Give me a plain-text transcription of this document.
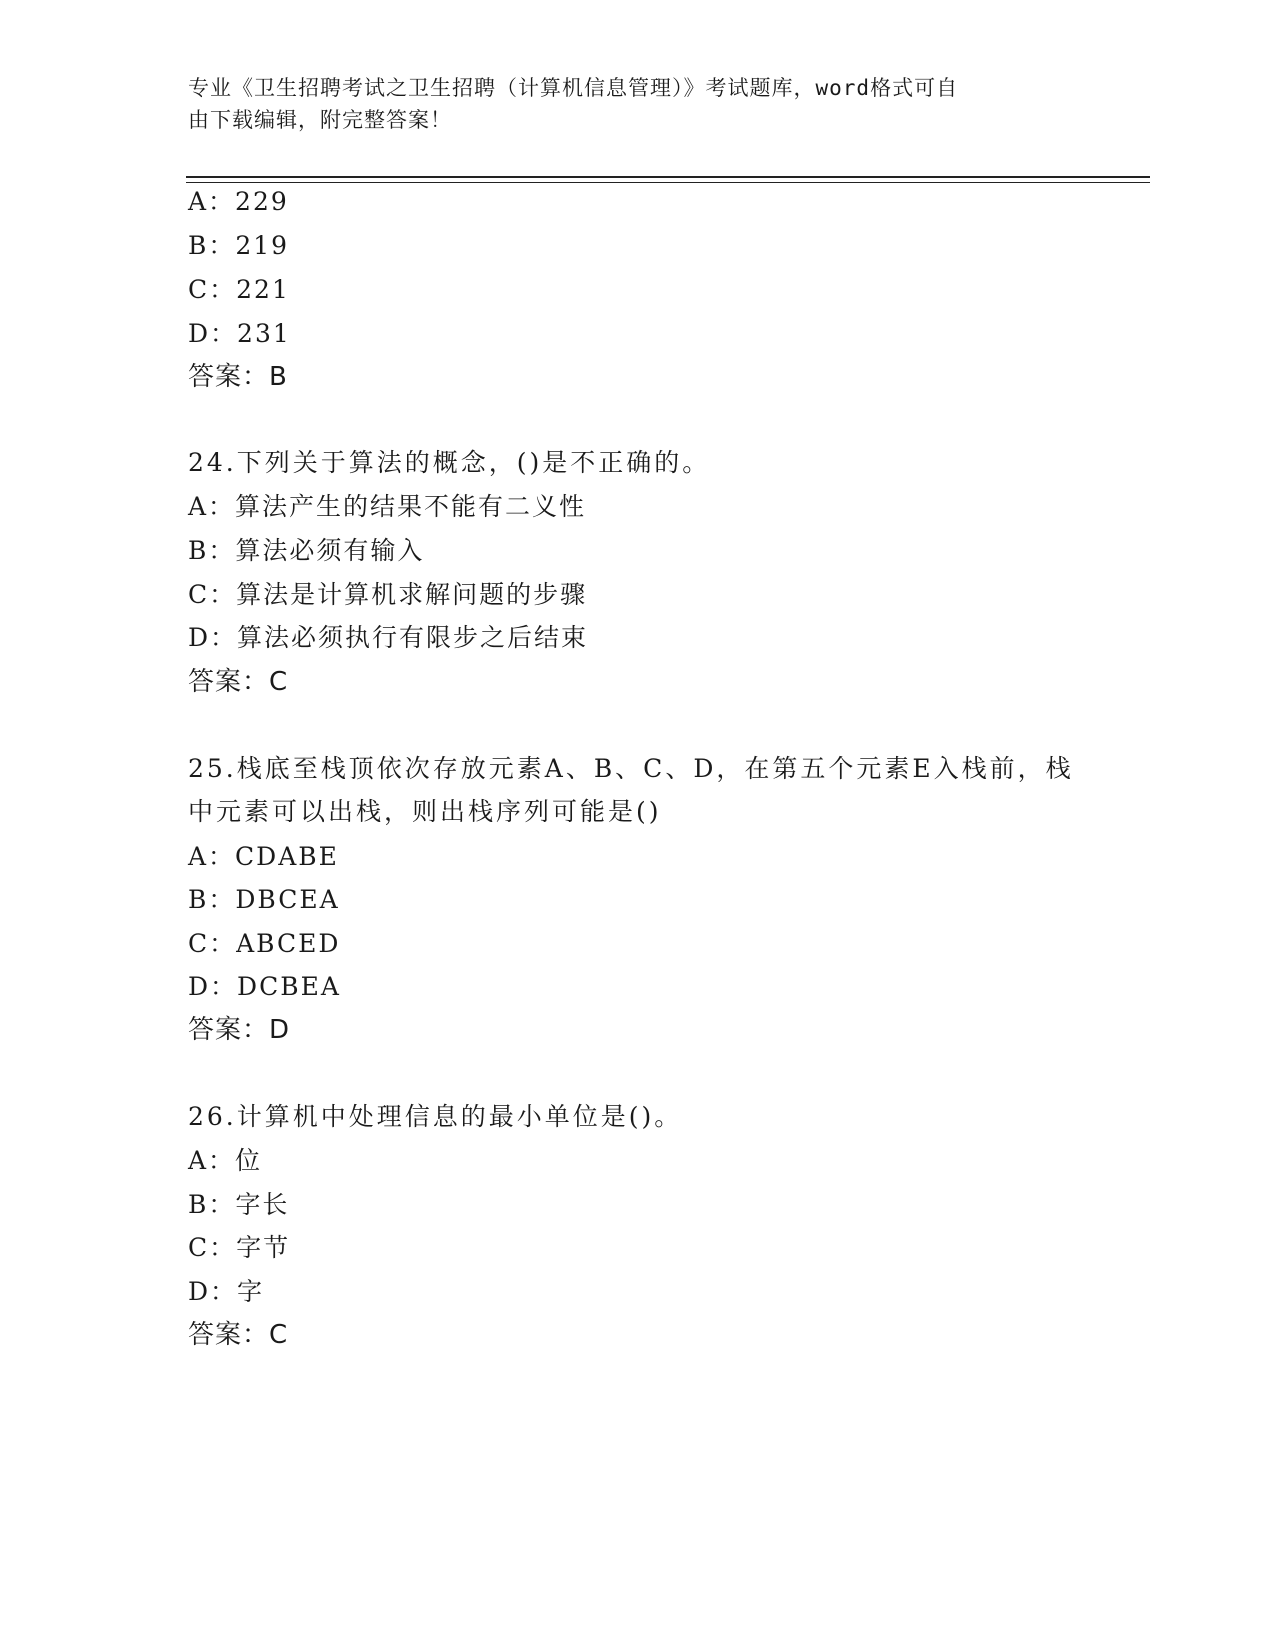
专业《卫生招聘考试之卫生招聘（计算机信息管理）》考试题库，word格式可自
由下载编辑，附完整答案！
A：229
B：219
C：221
D：231
答案：B
24.下列关于算法的概念，()是不正确的。
A：算法产生的结果不能有二义性
B：算法必须有输入
C：算法是计算机求解问题的步骤
D：算法必须执行有限步之后结束
答案：C
25.栈底至栈顶依次存放元素A、B、C、D，在第五个元素E入栈前，栈
中元素可以出栈，则出栈序列可能是()
A：CDABE
B：DBCEA
C：ABCED
D：DCBEA
答案：D
26.计算机中处理信息的最小单位是()。
A：位
B：字长
C：字节
D：字
答案：C
